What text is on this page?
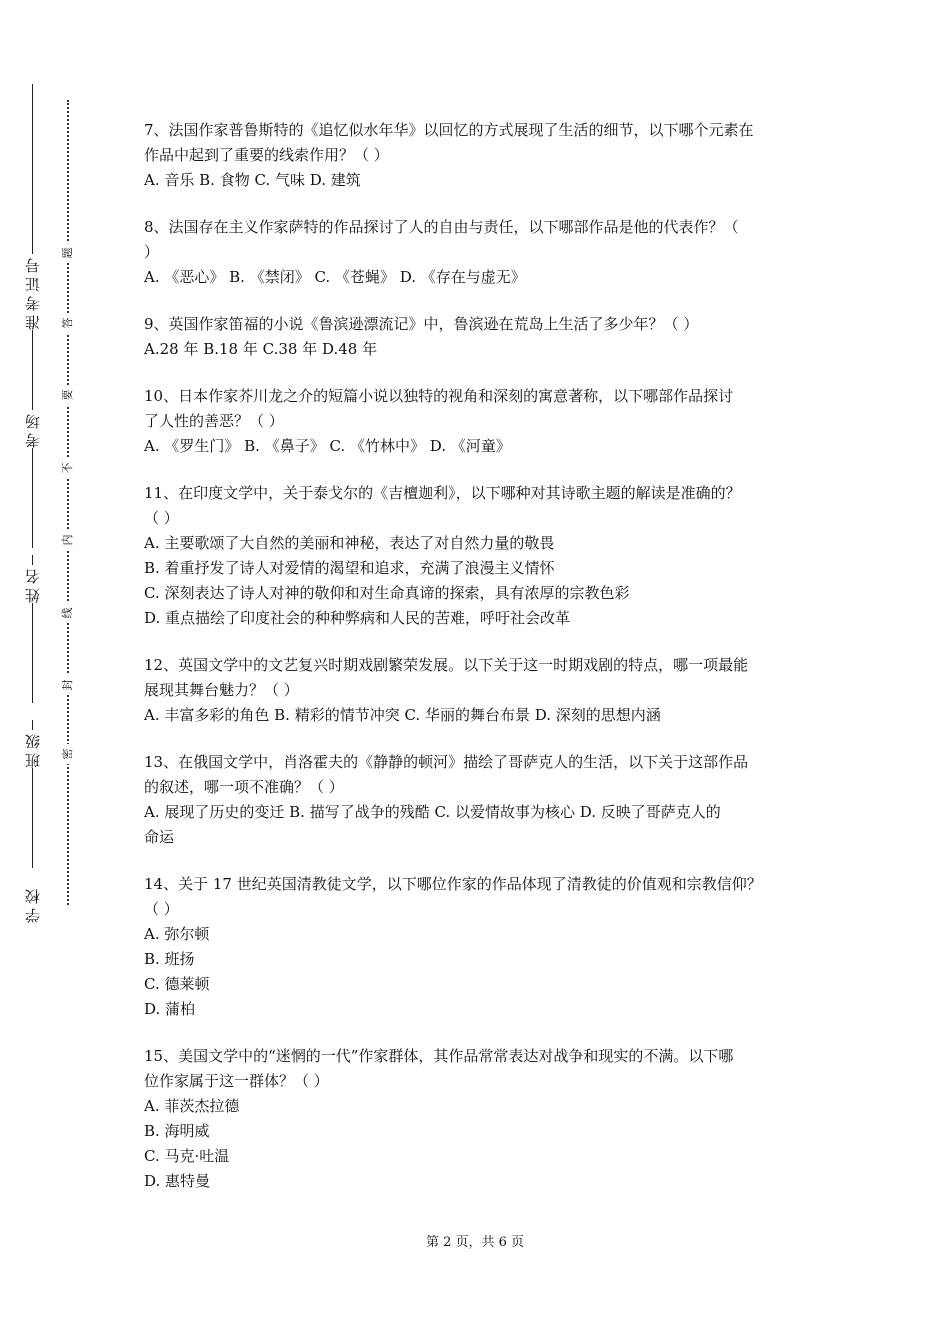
准考证号
考场
姓名
班级
学校
题
答
要
不
内
线
封
密

7、法国作家普鲁斯特的《追忆似水年华》以回忆的方式展现了生活的细节，以下哪个元素在

作品中起到了重要的线索作用？（ ）

A. 音乐 B. 食物 C. 气味 D. 建筑

8、法国存在主义作家萨特的作品探讨了人的自由与责任，以下哪部作品是他的代表作？（

）

A. 《恶心》 B. 《禁闭》 C. 《苍蝇》 D. 《存在与虚无》

9、英国作家笛福的小说《鲁滨逊漂流记》中，鲁滨逊在荒岛上生活了多少年？（ ）

A.28 年 B.18 年 C.38 年 D.48 年

10、日本作家芥川龙之介的短篇小说以独特的视角和深刻的寓意著称，以下哪部作品探讨

了人性的善恶？（ ）

A. 《罗生门》 B. 《鼻子》 C. 《竹林中》 D. 《河童》

11、在印度文学中，关于泰戈尔的《吉檀迦利》，以下哪种对其诗歌主题的解读是准确的？

（ ）

A. 主要歌颂了大自然的美丽和神秘，表达了对自然力量的敬畏

B. 着重抒发了诗人对爱情的渴望和追求，充满了浪漫主义情怀

C. 深刻表达了诗人对神的敬仰和对生命真谛的探索，具有浓厚的宗教色彩

D. 重点描绘了印度社会的种种弊病和人民的苦难，呼吁社会改革

12、英国文学中的文艺复兴时期戏剧繁荣发展。以下关于这一时期戏剧的特点，哪一项最能

展现其舞台魅力？（ ）

A. 丰富多彩的角色 B. 精彩的情节冲突 C. 华丽的舞台布景 D. 深刻的思想内涵

13、在俄国文学中，肖洛霍夫的《静静的顿河》描绘了哥萨克人的生活，以下关于这部作品

的叙述，哪一项不准确？（ ）

A. 展现了历史的变迁 B. 描写了战争的残酷 C. 以爱情故事为核心 D. 反映了哥萨克人的

命运

14、关于 17 世纪英国清教徒文学，以下哪位作家的作品体现了清教徒的价值观和宗教信仰？

（ ）

A. 弥尔顿

B. 班扬

C. 德莱顿

D. 蒲柏

15、美国文学中的“迷惘的一代”作家群体，其作品常常表达对战争和现实的不满。以下哪

位作家属于这一群体？（ ）

A. 菲茨杰拉德

B. 海明威

C. 马克·吐温

D. 惠特曼

第 2 页，共 6 页
